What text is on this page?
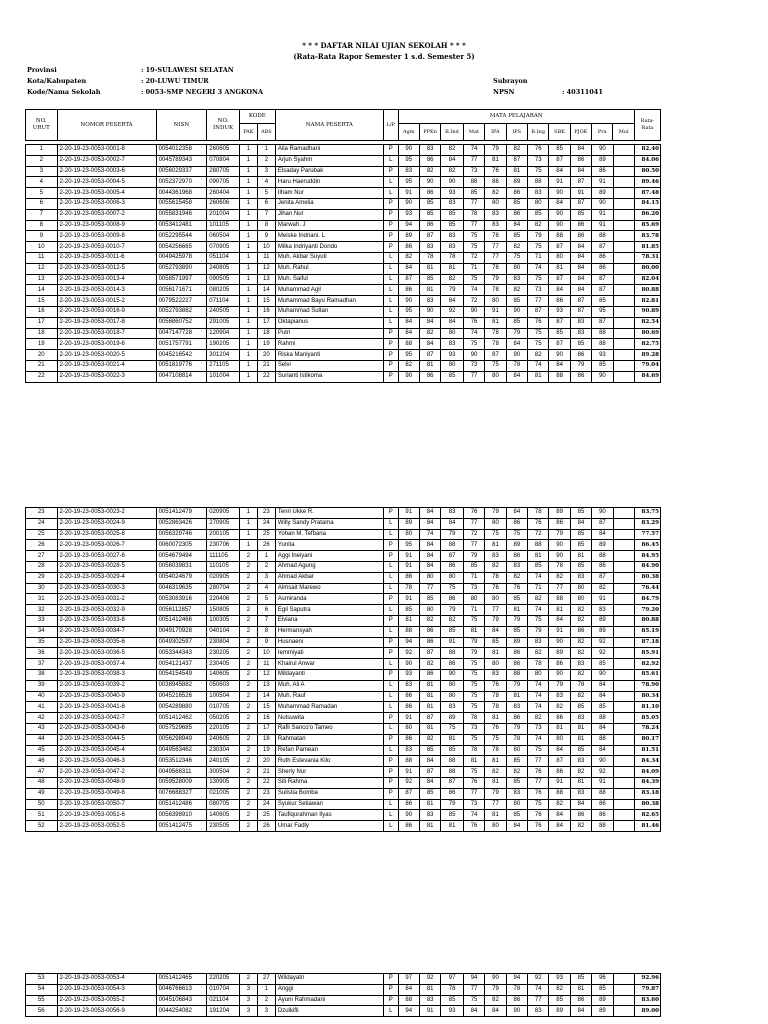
* * * DAFTAR NILAI UJIAN SEKOLAH * * *
(Rata-Rata Rapor Semester 1 s.d. Semester 5)
Provinsi
Kota/Kabupaten
Kode/Nama Sekolah
: 19-SULAWESI SELATAN
: 20-LUWU TIMUR
: 0053-SMP NEGERI 3 ANGKONA
Subrayon
NPSN	: 40311041
NO. URUT	NOMOR PESERTA	NISN	NO. INDUK	KODE		NAMA PESERTA	L/P	MATA PELAJARAN											Rata-Rata
				PAK	ABS			Agm	PPKn	B.Ind	Mat	IPA	IPS	B.Ing	SBK	PJOK	Pra	Mul	
1	2-20-19-23-0053-0001-8	0054012358	260605	1	1	Alia Ramadhani	P	90	83	82	74	79	82	76	85	84	90		82.40
2	2-20-19-23-0053-0002-7	0045789343	070804	1	2	Arjun Syahm	L	95	86	84	77	81	87	73	87	86	89		84.06
3	2-20-19-23-0053-0003-6	0056029337	280705	1	3	Elsaday Parubak	P	83	82	82	73	76	81	75	84	84	86		80.50
4	2-20-19-23-0053-0004-5	0052372970	090705	1	4	Haru Haeruddin	L	95	90	90	88	86	89	88	91	87	91		89.46
5	2-20-19-23-0053-0005-4	0044361968	260404	1	5	Ilham Nur	L	91	86	93	85	82	86	83	90	91	89		87.48
6	2-20-19-23-0053-0006-3	0055615458	260606	1	6	Jenita Amelia	P	90	85	83	77	80	85	80	84	87	90		84.15
7	2-20-19-23-0053-0007-2	0055831946	201004	1	7	Jihan Nur	P	93	85	85	78	83	86	85	90	85	91		86.20
8	2-20-19-23-0053-0008-9	0053412481	101105	1	8	Marwah. J	P	94	86	85	77	83	84	82	90	86	91		85.69
9	2-20-19-23-0053-0009-8	0052295544	060504	1	9	Meiske Indriani. L	P	89	87	83	75	78	85	79	88	86	88		83.78
10	2-20-19-23-0053-0010-7	0054256665	070905	1	10	Milka Indriyanti Dondo	P	86	83	83	75	77	82	75	87	84	87		81.85
11	2-20-19-23-0053-0011-6	0049425978	051104	1	11	Muh. Akbar Suyuti	L	82	78	78	72	77	75	71	80	84	86		78.31
12	2-20-19-23-0053-0012-5	0052793890	240805	1	12	Muh. Rahul	L	84	81	81	71	78	80	74	81	84	86		80.00
13	2-20-19-23-0053-0013-4	0058571997	090505	1	13	Muh. Saiful	L	87	85	82	75	79	83	75	87	84	87		82.04
14	2-20-19-23-0053-0014-3	0056171671	080205	1	14	Muhammad Agil	L	86	81	79	74	78	82	73	84	84	87		80.88
15	2-20-19-23-0053-0015-2	0079522227	071104	1	15	Muhammad Bayu Ramadhan	L	90	83	84	72	80	85	77	86	87	85		82.81
16	2-20-19-23-0053-0016-9	0052793882	240505	1	16	Muhammad Sultan	L	95	90	92	90	91	90	87	93	87	95		90.89
17	2-20-19-23-0053-0017-8	0056860752	291005	1	17	Oktapianus	L	84	84	84	76	81	85	76	87	83	87		82.54
18	2-20-19-23-0053-0018-7	0047147728	120904	1	18	Putri	P	84	82	80	74	78	79	75	85	83	88		80.69
19	2-20-19-23-0053-0019-6	0051757791	190205	1	19	Rahmi	P	88	84	83	75	78	84	75	87	85	88		82.75
20	2-20-19-23-0053-0020-5	0045216542	301204	1	20	Riska Maniyanti	P	95	87	93	90	87	90	82	90	86	93		89.28
21	2-20-19-23-0053-0021-4	0051819776	271105	1	21	Selvi	P	82	81	80	73	75	78	74	84	79	85		79.04
22	2-20-19-23-0053-0022-3	0047108814	101004	1	22	Surianti Istikoma	P	90	86	85	77	80	84	81	88	86	90		84.69
23	2-20-19-23-0053-0023-2	0051412479	020905	1	23	Tenri Ukke R.	P	91	84	83	76	79	84	78	89	85	90		83.75
24	2-20-19-23-0053-0024-9	0052863426	270905	1	24	Willy Sandy Pratama	L	89	84	84	77	80	86	76	86	84	87		83.29
25	2-20-19-23-0053-0025-8	0056329746	200105	1	25	Yohan M. Tefbana	L	80	74	79	72	75	75	72	79	85	84		77.57
26	2-20-19-23-0053-0026-7	0060072305	230706	1	26	Yunita	P	95	84	88	77	81	89	88	90	85	89		86.45
27	2-20-19-23-0053-0027-6	0054679494	111105	2	1	Aggi Ineiyani	P	91	84	87	79	83	86	81	90	81	88		84.95
28	2-20-19-23-0053-0028-5	0056039831	110105	2	2	Ahmad Agung	L	91	84	86	85	82	83	85	78	85	86		84.90
29	2-20-19-23-0053-0029-4	0054024679	020905	2	3	Ahmad Akbar	L	86	80	80	71	78	82	74	82	83	87		80.38
30	2-20-19-23-0053-0030-3	0046319635	280704	2	4	Almsait Marewo	L	78	77	75	73	76	76	71	77	80	82		76.44
31	2-20-19-23-0053-0031-2	0053083916	220406	2	5	Asmiranda	P	91	85	86	80	80	85	82	88	80	91		84.79
32	2-20-19-23-0053-0032-9	0056112857	150805	2	6	Egil Saputra	L	85	80	79	71	77	81	74	81	82	83		79.20
33	2-20-19-23-0053-0033-8	0051412466	100305	2	7	Elviana	P	81	82	82	75	79	79	75	84	82	89		80.88
34	2-20-19-23-0053-0034-7	0049170928	040104	2	8	Hermansyah	L	88	86	85	81	84	85	79	91	86	89		85.19
35	2-20-19-23-0053-0035-6	0049302597	230804	2	9	Husnaeni	P	94	86	91	79	85	89	83	90	82	92		87.18
36	2-20-19-23-0053-0036-5	0053344343	230205	2	10	Iemmiyati	P	92	87	88	79	81	86	82	89	82	92		85.91
37	2-20-19-23-0053-0037-4	0054121437	230405	2	11	Khairul Anwar	L	90	82	86	75	80	86	78	86	83	85		82.92
38	2-20-19-23-0053-0038-3	0054154549	140605	2	12	Mildayanti	P	93	86	90	75	83	88	80	90	82	90		85.61
39	2-20-19-23-0053-0039-2	0038945882	050603	2	13	Muh. Ali A	L	83	81	80	75	76	79	74	79	78	84		78.90
40	2-20-19-23-0053-0040-9	0045216526	100504	2	14	Muh. Rauf	L	86	81	80	75	78	81	74	83	82	84		80.34
41	2-20-19-23-0053-0041-8	0054289880	010705	2	15	Muhammad Ramadan	L	86	81	83	75	78	83	74	82	85	85		81.10
42	2-20-19-23-0053-0042-7	0051412462	050205	2	16	Nutsuwita	P	91	87	89	78	81	86	82	86	83	88		85.05
43	2-20-19-23-0053-0043-6	0057529685	220105	2	17	Rafli Sanco'o Tameo	L	80	81	75	73	76	79	73	81	81	84		78.24
44	2-20-19-23-0053-0044-5	0056298949	240605	2	18	Rahmatan	P	86	82	81	75	75	78	74	80	81	88		80.17
45	2-20-19-23-0053-0045-4	0049563462	230304	2	19	Refan Pamean	L	83	85	85	78	78	80	75	84	85	84		81.51
46	2-20-19-23-0053-0046-3	0053512346	240105	2	20	Ruth Estevania Kilo	P	88	84	88	81	81	85	77	87	83	90		84.34
47	2-20-19-23-0053-0047-2	0049568311	300504	2	21	Sherly Nur	P	91	87	88	75	82	82	76	86	82	92		84.09
48	2-20-19-23-0053-0048-9	0059528009	130905	2	22	Siti Rahma	P	92	84	87	76	81	85	77	91	81	91		84.39
49	2-20-19-23-0053-0049-8	0076688327	021005	2	23	Sulistia Bomba	P	87	85	86	77	79	83	76	88	83	88		83.18
50	2-20-19-23-0053-0050-7	0051412486	080705	2	24	Syukur Setiawan	L	86	81	79	73	77	80	75	82	84	86		80.38
51	2-20-19-23-0053-0051-6	0056398910	140605	2	25	Taufiqurahman Ilyas	L	90	83	85	74	81	85	76	84	86	86		82.65
52	2-20-19-23-0053-0052-5	0051412475	230505	2	26	Umar Fadly	L	86	81	81	76	80	84	76	84	82	88		81.46
53	2-20-19-23-0053-0053-4	0051412465	220205	2	27	Wildayatri	P	97	92	97	94	90	94	92	93	85	96		92.96
54	2-20-19-23-0053-0054-3	0046766613	010704	3	1	Anggi	P	84	81	78	77	79	78	74	82	81	85		79.87
55	2-20-19-23-0053-0055-2	0045106843	021104	3	2	Ayuni Rahmadani	P	88	83	85	75	82	86	77	85	86	89		83.60
56	2-20-19-23-0053-0056-9	0044254082	191204	3	3	Dzulkifli	L	94	91	93	84	84	90	83	89	84	89		89.00
